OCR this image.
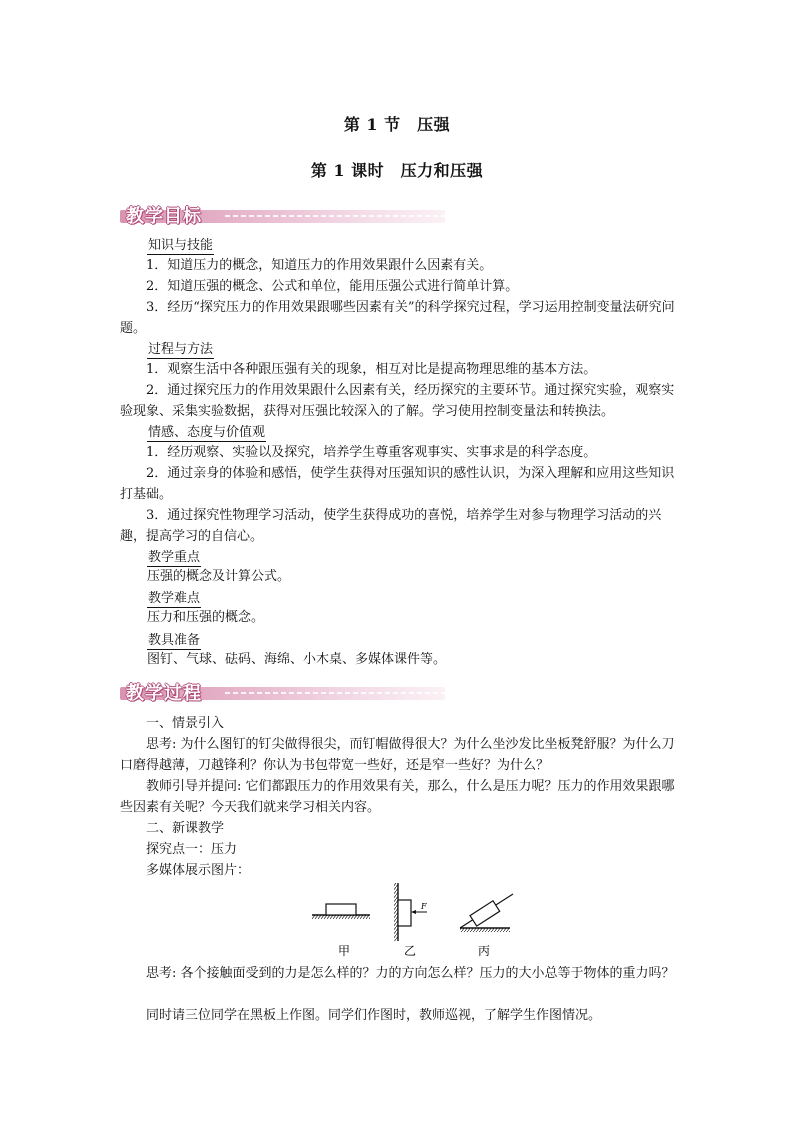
第 1 节　压强
第 1 课时　压力和压强
教学目标
知识与技能
1．知道压力的概念，知道压力的作用效果跟什么因素有关。
2．知道压强的概念、公式和单位，能用压强公式进行简单计算。
3．经历“探究压力的作用效果跟哪些因素有关”的科学探究过程，学习运用控制变量法研究问题。
过程与方法
1．观察生活中各种跟压强有关的现象，相互对比是提高物理思维的基本方法。
2．通过探究压力的作用效果跟什么因素有关，经历探究的主要环节。通过探究实验，观察实验现象、采集实验数据，获得对压强比较深入的了解。学习使用控制变量法和转换法。
情感、态度与价值观
1．经历观察、实验以及探究，培养学生尊重客观事实、实事求是的科学态度。
2．通过亲身的体验和感悟，使学生获得对压强知识的感性认识，为深入理解和应用这些知识打基础。
3．通过探究性物理学习活动，使学生获得成功的喜悦，培养学生对参与物理学习活动的兴趣，提高学习的自信心。
教学重点
压强的概念及计算公式。
教学难点
压力和压强的概念。
教具准备
图钉、气球、砝码、海绵、小木桌、多媒体课件等。
教学过程
一、情景引入
思考: 为什么图钉的钉尖做得很尖，而钉帽做得很大？为什么坐沙发比坐板凳舒服？为什么刀口磨得越薄，刀越锋利？你认为书包带宽一些好，还是窄一些好？为什么？
教师引导并提问: 它们都跟压力的作用效果有关，那么，什么是压力呢？压力的作用效果跟哪些因素有关呢？今天我们就来学习相关内容。
二、新课教学
探究点一：压力
多媒体展示图片：
F
甲	乙	丙
思考: 各个接触面受到的力是怎么样的？力的方向怎么样？压力的大小总等于物体的重力吗？
同时请三位同学在黑板上作图。同学们作图时，教师巡视，了解学生作图情况。
